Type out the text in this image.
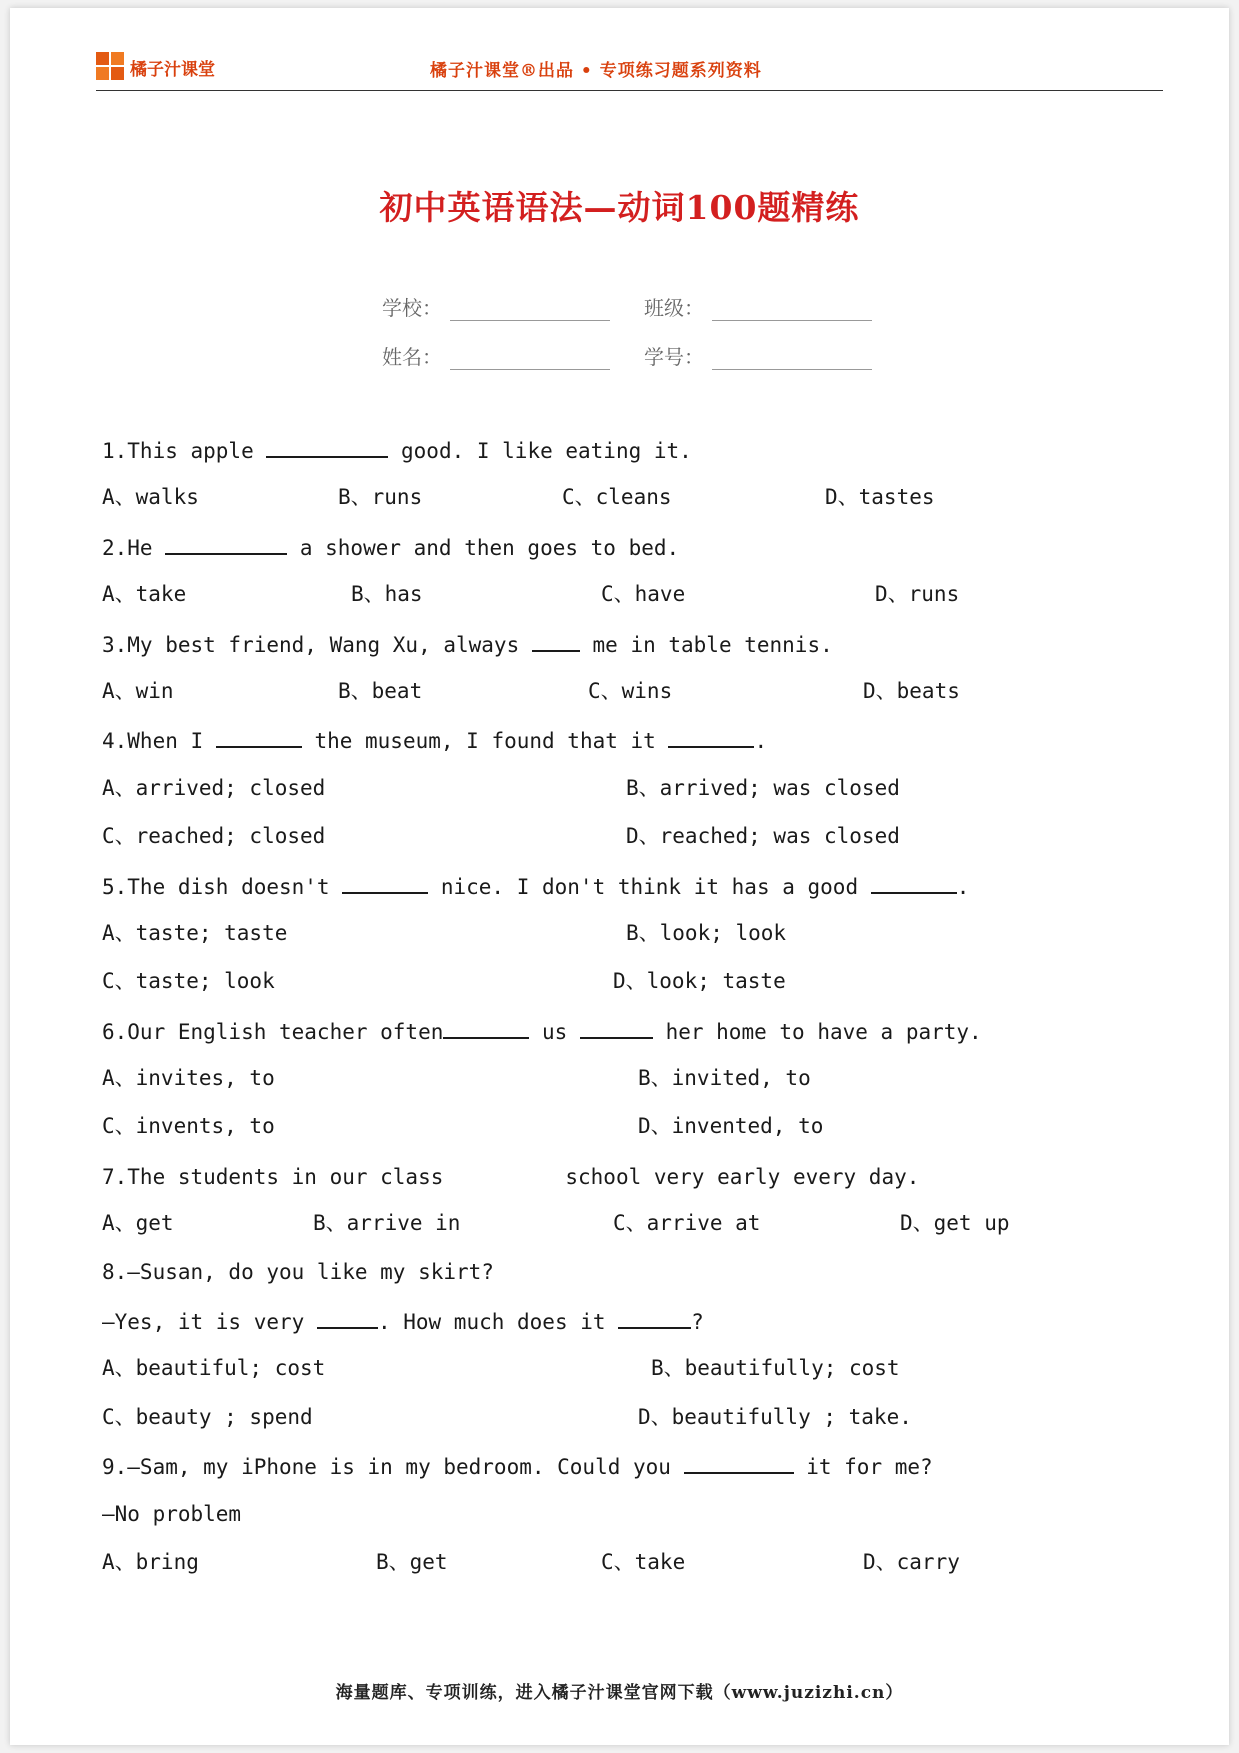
橘子汁课堂	橘子汁课堂®出品 • 专项练习题系列资料
初中英语语法—动词100题精练
学校：	班级：
姓名：	学号：
1.This apple	good. I like eating it.

A、walks

	B、runs

	C、cleans

	D、tastes

2.He	a shower and then goes to bed.

A、take

	B、has

	C、have

	D、runs

3.My best friend, Wang Xu, always  me in table tennis.

A、win

	B、beat

	C、wins

	D、beats

4.When I	the museum, I found that it	.

A、arrived; closed

	B、arrived; was closed

C、reached; closed

	D、reached; was closed

5.The dish doesn't	nice. I don't think it has a good	.

A、taste; taste

	B、look; look

C、taste; look

	D、look; taste

6.Our English teacher often	us	her home to have a party.

A、invites, to

	B、invited, to

C、invents, to

	D、invented, to

7.The students in our class	school very early every day.

A、get

	B、arrive in

	C、arrive at

	D、get up

8.—Susan, do you like my skirt?
—Yes, it is very	. How much does it	?

A、beautiful; cost

	B、beautifully; cost

C、beauty ; spend

	D、beautifully ; take.

9.—Sam, my iPhone is in my bedroom. Could you	it for me?
—No problem

A、bring

	B、get

	C、take

	D、carry

海量题库、专项训练，进入橘子汁课堂官网下载（www.juzizhi.cn）
